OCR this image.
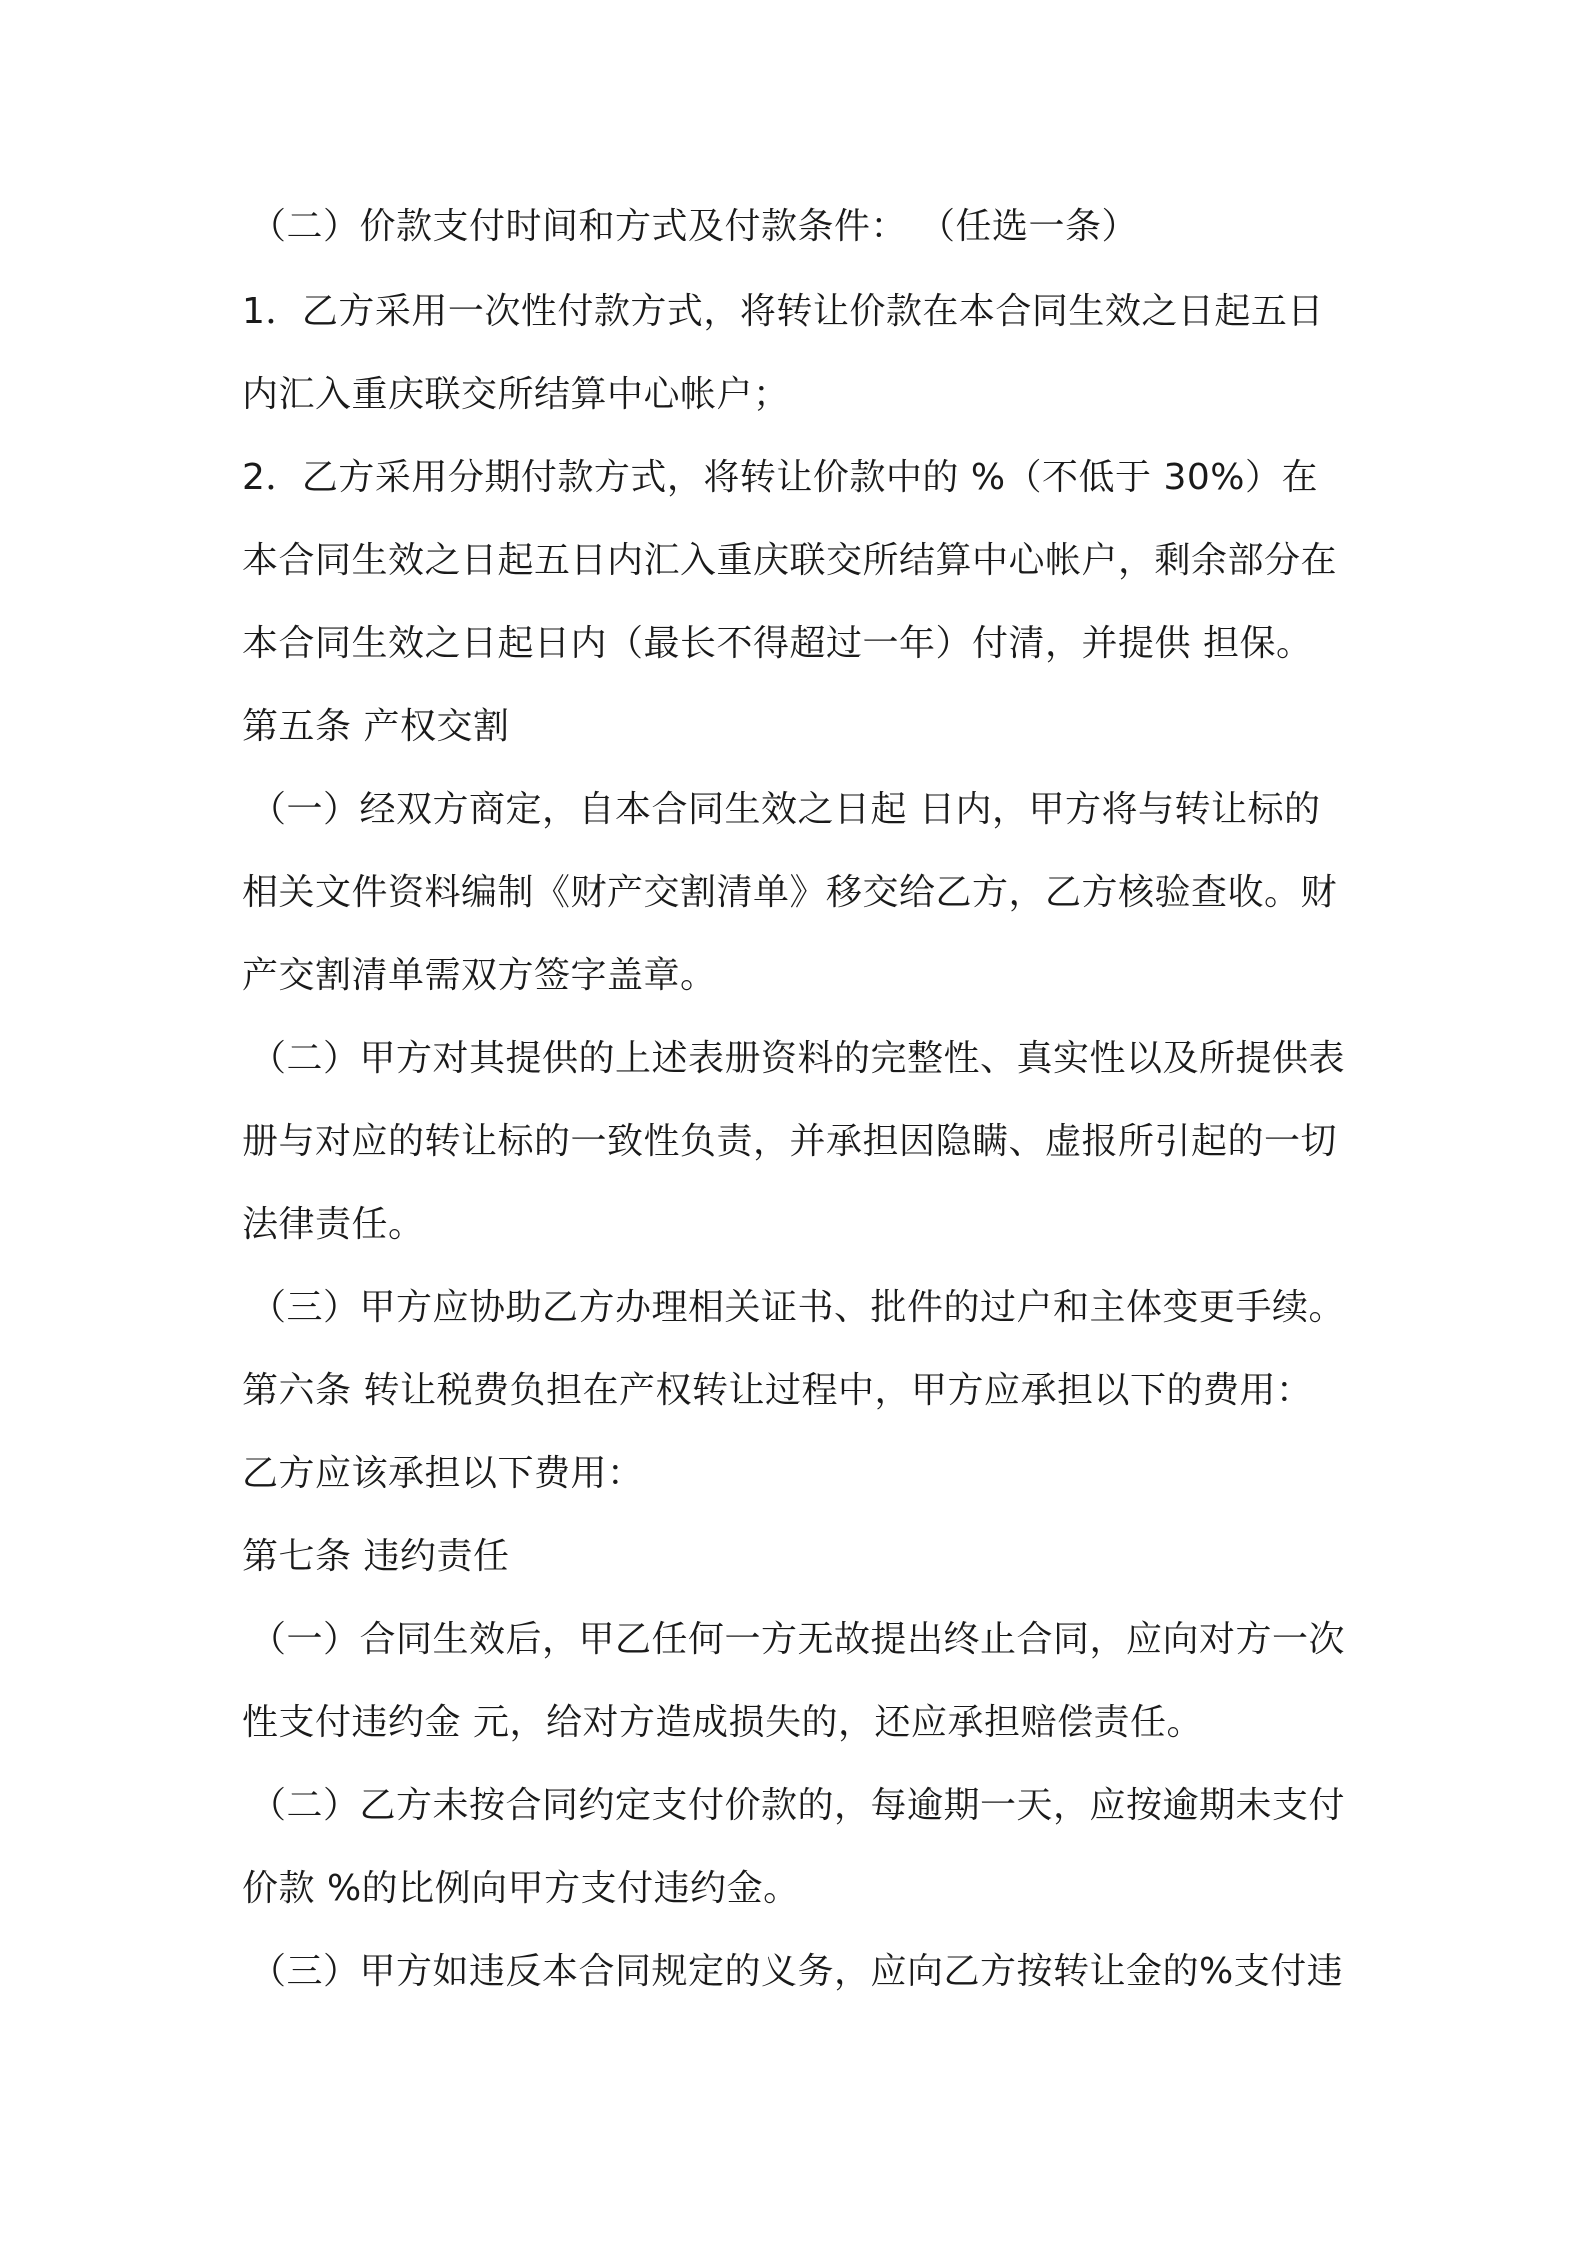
（二）价款支付时间和方式及付款条件： （任选一条）
1．乙方采用一次性付款方式，将转让价款在本合同生效之日起五日
内汇入重庆联交所结算中心帐户；
2．乙方采用分期付款方式，将转让价款中的 %（不低于 30%）在
本合同生效之日起五日内汇入重庆联交所结算中心帐户，剩余部分在
本合同生效之日起日内（最长不得超过一年）付清，并提供 担保。
第五条 产权交割
（一）经双方商定，自本合同生效之日起 日内，甲方将与转让标的
相关文件资料编制《财产交割清单》移交给乙方，乙方核验查收。财
产交割清单需双方签字盖章。
（二）甲方对其提供的上述表册资料的完整性、真实性以及所提供表
册与对应的转让标的一致性负责，并承担因隐瞒、虚报所引起的一切
法律责任。
（三）甲方应协助乙方办理相关证书、批件的过户和主体变更手续。
第六条 转让税费负担在产权转让过程中，甲方应承担以下的费用：
乙方应该承担以下费用：
第七条 违约责任
（一）合同生效后，甲乙任何一方无故提出终止合同，应向对方一次
性支付违约金 元，给对方造成损失的，还应承担赔偿责任。
（二）乙方未按合同约定支付价款的，每逾期一天，应按逾期未支付
价款 %的比例向甲方支付违约金。
（三）甲方如违反本合同规定的义务，应向乙方按转让金的%支付违
